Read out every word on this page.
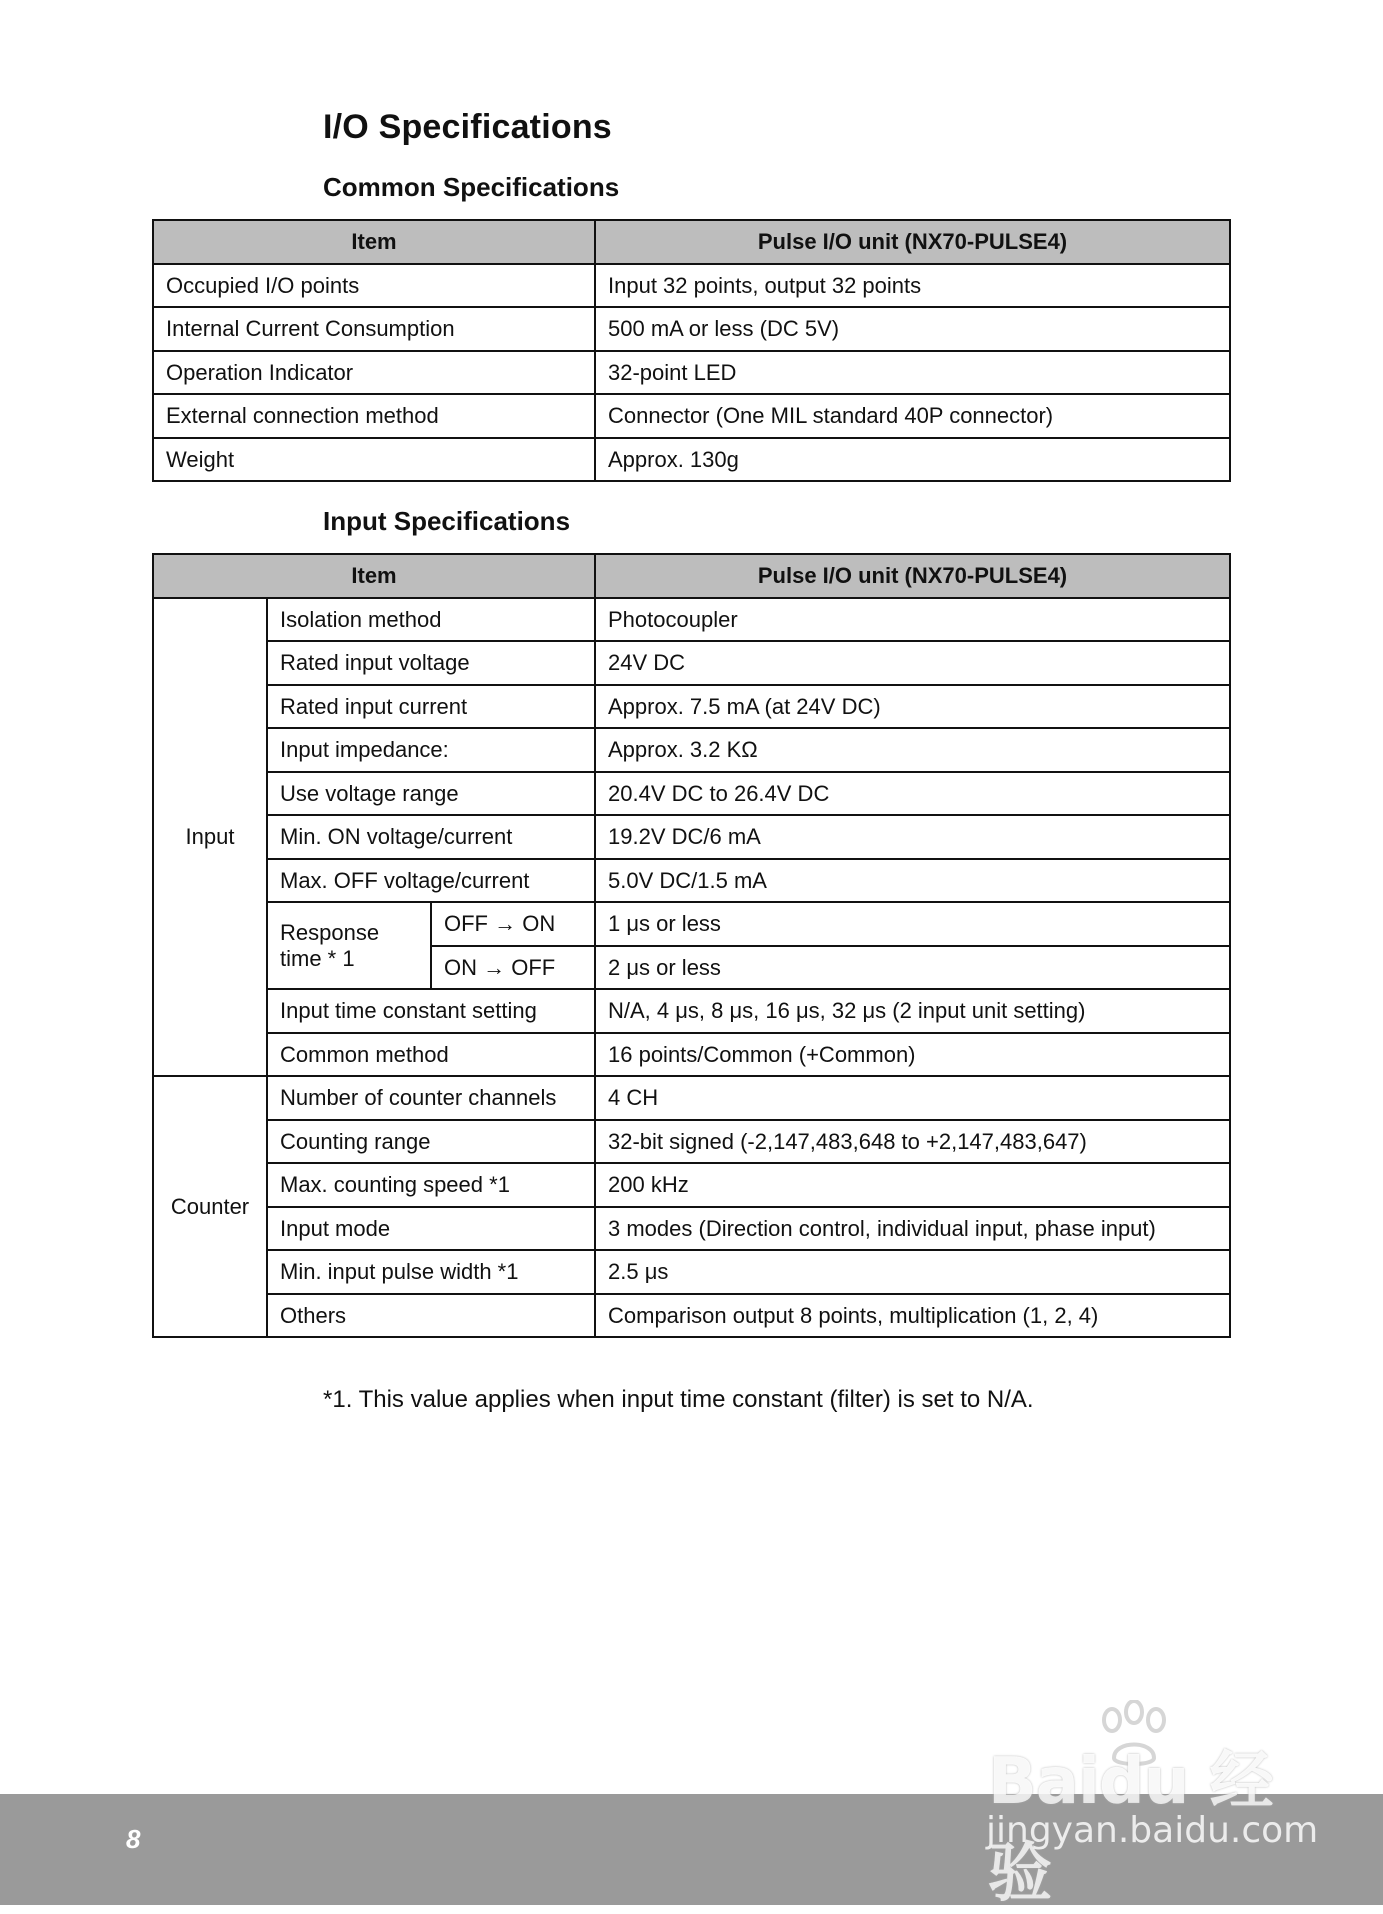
I/O Specifications
Common Specifications
Item	Pulse I/O unit (NX70-PULSE4)
Occupied I/O points	Input 32 points, output 32 points
Internal Current Consumption	500 mA or less (DC 5V)
Operation Indicator	32-point LED
External connection method	Connector (One MIL standard 40P connector)
Weight	Approx. 130g
Input Specifications
Item			Pulse I/O unit (NX70-PULSE4)
Input	Isolation method		Photocoupler
	Rated input voltage		24V DC
	Rated input current		Approx. 7.5 mA (at 24V DC)
	Input impedance:		Approx. 3.2 KΩ
	Use voltage range		20.4V DC to 26.4V DC
	Min. ON voltage/current		19.2V DC/6 mA
	Max. OFF voltage/current		5.0V DC/1.5 mA
	Response time * 1	OFF → ON	1 μs or less
		ON → OFF	2 μs or less
	Input time constant setting		N/A, 4 μs, 8 μs, 16 μs, 32 μs (2 input unit setting)
	Common method		16 points/Common (+Common)
Counter	Number of counter channels		4 CH
	Counting range		32-bit signed (-2,147,483,648 to +2,147,483,647)
	Max. counting speed *1		200 kHz
	Input mode		3 modes (Direction control, individual input, phase input)
	Min. input pulse width *1		2.5 μs
	Others		Comparison output 8 points, multiplication (1, 2, 4)

*1. This value applies when input time constant (filter) is set to N/A.

8
Baidu 经验
jingyan.baidu.com
